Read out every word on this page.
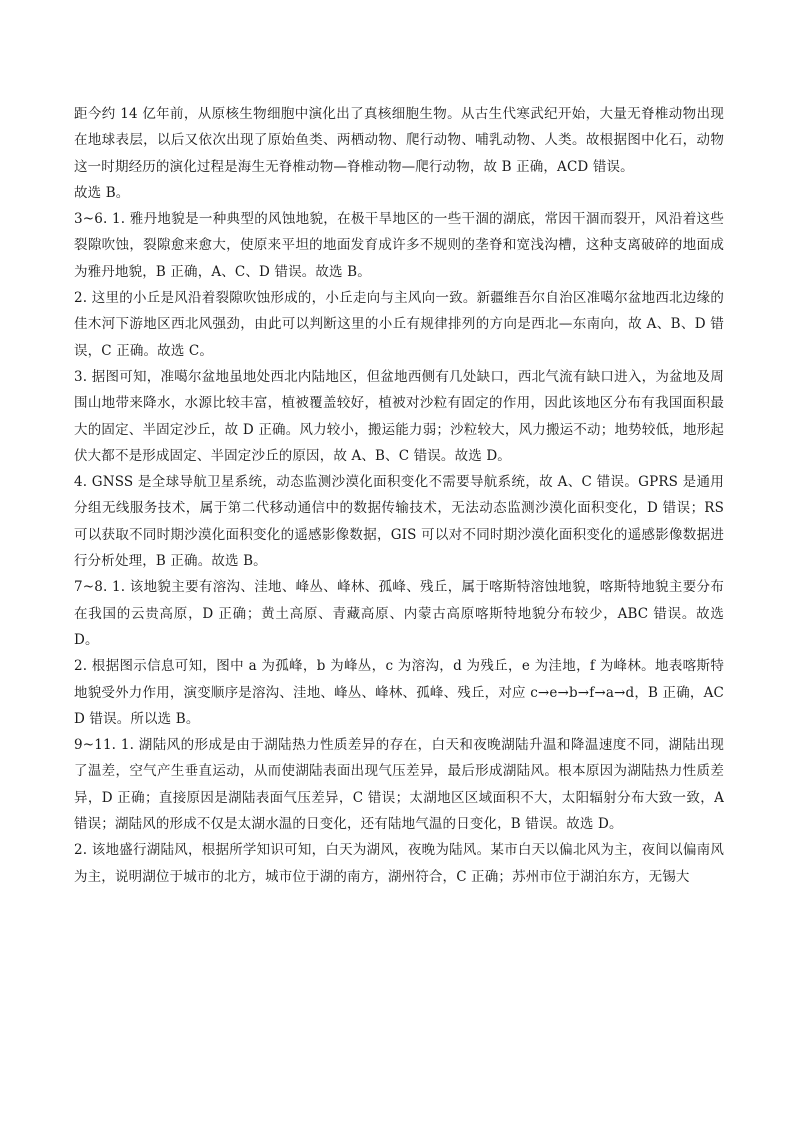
距今约 14 亿年前，从原核生物细胞中演化出了真核细胞生物。从古生代寒武纪开始，大量无脊椎动物出现在地球表层，以后又依次出现了原始鱼类、两栖动物、爬行动物、哺乳动物、人类。故根据图中化石，动物这一时期经历的演化过程是海生无脊椎动物—脊椎动物—爬行动物，故 B 正确，ACD 错误。

故选 B。

3~6. 1. 雅丹地貌是一种典型的风蚀地貌，在极干旱地区的一些干涸的湖底，常因干涸而裂开，风沿着这些裂隙吹蚀，裂隙愈来愈大，使原来平坦的地面发育成许多不规则的垄脊和宽浅沟槽，这种支离破碎的地面成为雅丹地貌，B 正确，A、C、D 错误。故选 B。

2. 这里的小丘是风沿着裂隙吹蚀形成的，小丘走向与主风向一致。新疆维吾尔自治区准噶尔盆地西北边缘的佳木河下游地区西北风强劲，由此可以判断这里的小丘有规律排列的方向是西北—东南向，故 A、B、D 错误，C 正确。故选 C。

3. 据图可知，准噶尔盆地虽地处西北内陆地区，但盆地西侧有几处缺口，西北气流有缺口进入，为盆地及周围山地带来降水，水源比较丰富，植被覆盖较好，植被对沙粒有固定的作用，因此该地区分布有我国面积最大的固定、半固定沙丘，故 D 正确。风力较小，搬运能力弱；沙粒较大，风力搬运不动；地势较低，地形起伏大都不是形成固定、半固定沙丘的原因，故 A、B、C 错误。故选 D。

4. GNSS 是全球导航卫星系统，动态监测沙漠化面积变化不需要导航系统，故 A、C 错误。GPRS 是通用分组无线服务技术，属于第二代移动通信中的数据传输技术，无法动态监测沙漠化面积变化，D 错误；RS 可以获取不同时期沙漠化面积变化的遥感影像数据，GIS 可以对不同时期沙漠化面积变化的遥感影像数据进行分析处理，B 正确。故选 B。

7~8. 1. 该地貌主要有溶沟、洼地、峰丛、峰林、孤峰、残丘，属于喀斯特溶蚀地貌，喀斯特地貌主要分布在我国的云贵高原，D 正确；黄土高原、青藏高原、内蒙古高原喀斯特地貌分布较少，ABC 错误。故选 D。

2. 根据图示信息可知，图中 a 为孤峰，b 为峰丛，c 为溶沟，d 为残丘，e 为洼地，f 为峰林。地表喀斯特地貌受外力作用，演变顺序是溶沟、洼地、峰丛、峰林、孤峰、残丘，对应 c→e→b→f→a→d，B 正确，ACD 错误。所以选 B。

9~11. 1. 湖陆风的形成是由于湖陆热力性质差异的存在，白天和夜晚湖陆升温和降温速度不同，湖陆出现了温差，空气产生垂直运动，从而使湖陆表面出现气压差异，最后形成湖陆风。根本原因为湖陆热力性质差异，D 正确；直接原因是湖陆表面气压差异，C 错误；太湖地区区域面积不大，太阳辐射分布大致一致，A 错误；湖陆风的形成不仅是太湖水温的日变化，还有陆地气温的日变化，B 错误。故选 D。

2. 该地盛行湖陆风，根据所学知识可知，白天为湖风，夜晚为陆风。某市白天以偏北风为主，夜间以偏南风为主，说明湖位于城市的北方，城市位于湖的南方，湖州符合，C 正确；苏州市位于湖泊东方，无锡大
